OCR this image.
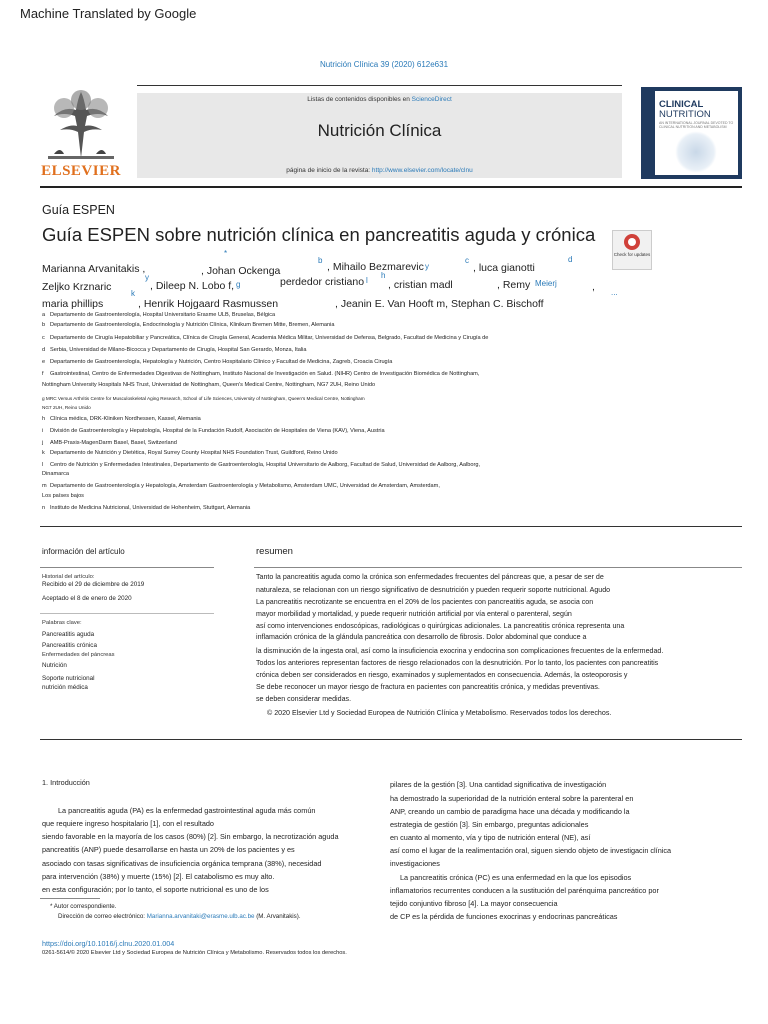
Machine Translated by Google
Nutrición Clínica 39 (2020) 612e631
ELSEVIER
Listas de contenidos disponibles en ScienceDirect
Nutrición Clínica
página de inicio de la revista: http://www.elsevier.com/locate/clnu
CLINICAL
NUTRITION
AN INTERNATIONAL JOURNAL DEVOTED TO CLINICAL NUTRITION AND METABOLISM
Guía ESPEN
Guía ESPEN sobre nutrición clínica en pancreatitis aguda y crónica
Check for updates
*
Marianna Arvanitakis ,	, Johan Ockenga
b
, Mihailo Bezmarevic y
c
, luca gianotti
d
y
Zeljko Krznaric
k
, Dileep N. Lobo f, g	perdedor cristiano l
h
, cristian madl	, Remy Meierj	,
maria phillips	, Henrik Hojgaard Rasmussen	, Jeanin E. Van Hooft m, Stephan C. Bischoff
...
a Departamento de Gastroenterología, Hospital Universitario Erasme ULB, Bruselas, Bélgica
b Departamento de Gastroenterología, Endocrinología y Nutrición Clínica, Klinikum Bremen Mitte, Bremen, Alemania
c Departamento de Cirugía Hepatobiliar y Pancreática, Clínica de Cirugía General, Academia Médica Militar, Universidad de Defensa, Belgrado, Facultad de Medicina y Cirugía de
d Serbia, Universidad de Milano-Bicocca y Departamento de Cirugía, Hospital San Gerardo, Monza, Italia
e Departamento de Gastroenterología, Hepatología y Nutrición, Centro Hospitalario Clínico y Facultad de Medicina, Zagreb, Croacia Cirugía
f Gastrointestinal, Centro de Enfermedades Digestivas de Nottingham, Instituto Nacional de Investigación en Salud. (NIHR) Centro de Investigación Biomédica de Nottingham,
Nottingham University Hospitals NHS Trust, Universidad de Nottingham, Queen's Medical Centre, Nottingham, NG7 2UH, Reino Unido
g MRC Versus Arthritis Centre for Musculoskeletal Aging Research, School of Life Sciences, University of Nottingham, Queen's Medical Centre, Nottingham
NG7 2UH, Reino Unido
h Clínica médica, DRK-Kliniken Nordhessen, Kassel, Alemania
i División de Gastroenterología y Hepatología, Hospital de la Fundación Rudolf, Asociación de Hospitales de Viena (KAV), Viena, Austria
j AMB-Praxis-MagenDarm Basel, Basel, Switzerland
k Departamento de Nutrición y Dietética, Royal Surrey County Hospital NHS Foundation Trust, Guildford, Reino Unido
l Centro de Nutrición y Enfermedades Intestinales, Departamento de Gastroenterología, Hospital Universitario de Aalborg, Facultad de Salud, Universidad de Aalborg, Aalborg,
Dinamarca
m Departamento de Gastroenterología y Hepatología, Amsterdam Gastroenterología y Metabolismo, Amsterdam UMC, Universidad de Amsterdam, Amsterdam,
Los países bajos
n Instituto de Medicina Nutricional, Universidad de Hohenheim, Stuttgart, Alemania
información del artículo
Historial del artículo:
Recibido el 29 de diciembre de 2019
Aceptado el 8 de enero de 2020
Palabras clave:
Pancreatitis aguda
Pancreatitis crónica
Enfermedades del páncreas
Nutrición
Soporte nutricional
nutrición médica
resumen
Tanto la pancreatitis aguda como la crónica son enfermedades frecuentes del páncreas que, a pesar de ser de
naturaleza, se relacionan con un riesgo significativo de desnutrición y pueden requerir soporte nutricional. Agudo
La pancreatitis necrotizante se encuentra en el 20% de los pacientes con pancreatitis aguda, se asocia con
mayor morbilidad y mortalidad, y puede requerir nutrición artificial por vía enteral o parenteral, según
así como intervenciones endoscópicas, radiológicas o quirúrgicas adicionales. La pancreatitis crónica representa una
inflamación crónica de la glándula pancreática con desarrollo de fibrosis. Dolor abdominal que conduce a
la disminución de la ingesta oral, así como la insuficiencia exocrina y endocrina son complicaciones frecuentes de la enfermedad.
Todos los anteriores representan factores de riesgo relacionados con la desnutrición. Por lo tanto, los pacientes con pancreatitis
crónica deben ser considerados en riesgo, examinados y suplementados en consecuencia. Además, la osteoporosis y
Se debe reconocer un mayor riesgo de fractura en pacientes con pancreatitis crónica, y medidas preventivas.
se deben considerar medidas.
© 2020 Elsevier Ltd y Sociedad Europea de Nutrición Clínica y Metabolismo. Reservados todos los derechos.
1. Introducción
La pancreatitis aguda (PA) es la enfermedad gastrointestinal aguda más común
que requiere ingreso hospitalario [1], con el resultado
siendo favorable en la mayoría de los casos (80%) [2]. Sin embargo, la necrotización aguda
pancreatitis (ANP) puede desarrollarse en hasta un 20% de los pacientes y es
asociado con tasas significativas de insuficiencia orgánica temprana (38%), necesidad
para intervención (38%) y muerte (15%) [2]. El catabolismo es muy alto.
en esta configuración; por lo tanto, el soporte nutricional es uno de los
pilares de la gestión [3]. Una cantidad significativa de investigación
ha demostrado la superioridad de la nutrición enteral sobre la parenteral en
ANP, creando un cambio de paradigma hace una década y modificando la
estrategia de gestión [3]. Sin embargo, preguntas adicionales
en cuanto al momento, vía y tipo de nutrición enteral (NE), así
así como el lugar de la realimentación oral, siguen siendo objeto de investigacin clínica
investigaciones
La pancreatitis crónica (PC) es una enfermedad en la que los episodios
inflamatorios recurrentes conducen a la sustitución del parénquima pancreático por
tejido conjuntivo fibroso [4]. La mayor consecuencia
de CP es la pérdida de funciones exocrinas y endocrinas pancreáticas
* Autor correspondiente.
Dirección de correo electrónico: Marianna.arvanitaki@erasme.ulb.ac.be (M. Arvanitakis).
https://doi.org/10.1016/j.clnu.2020.01.004
0261-5614/© 2020 Elsevier Ltd y Sociedad Europea de Nutrición Clínica y Metabolismo. Reservados todos los derechos.
